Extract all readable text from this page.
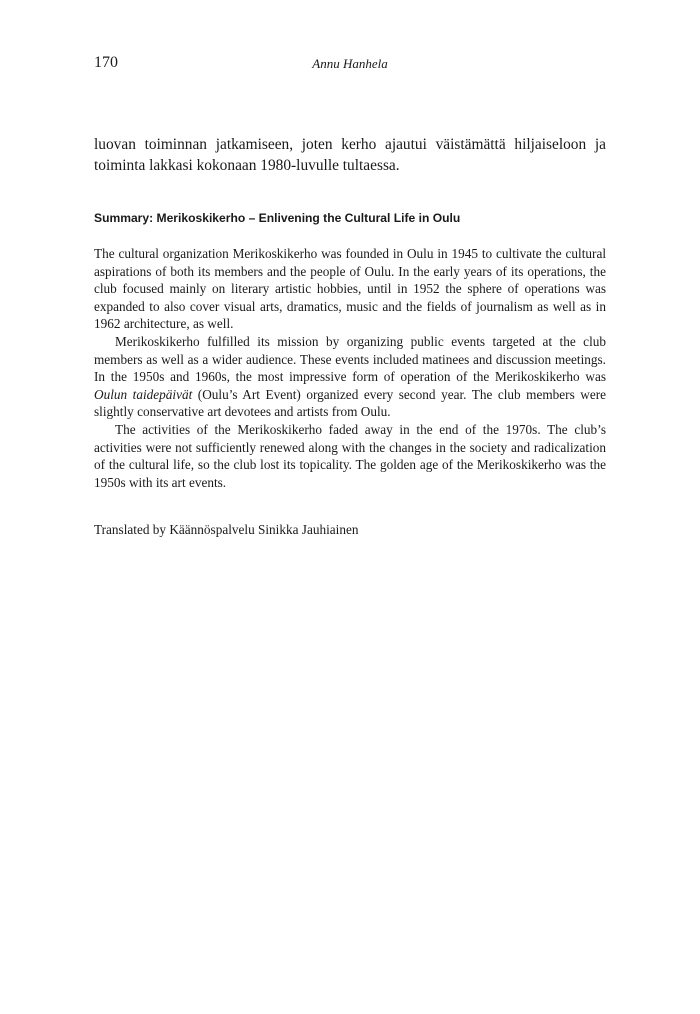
170	Annu Hanhela
luovan toiminnan jatkamiseen, joten kerho ajautui väistämättä hiljaiseloon ja toiminta lakkasi kokonaan 1980-luvulle tultaessa.
Summary: Merikoskikerho – Enlivening the Cultural Life in Oulu

The cultural organization Merikoskikerho was founded in Oulu in 1945 to cultivate the cultural aspirations of both its members and the people of Oulu. In the early years of its operations, the club focused mainly on literary artistic hobbies, until in 1952 the sphere of operations was expanded to also cover visual arts, dramatics, music and the fields of journalism as well as in 1962 architecture, as well.

Merikoskikerho fulfilled its mission by organizing public events targeted at the club members as well as a wider audience. These events included matinees and discussion meetings. In the 1950s and 1960s, the most impressive form of operation of the Merikoskikerho was Oulun taidepäivät (Oulu’s Art Event) organized every second year. The club members were slightly conservative art devotees and artists from Oulu.

The activities of the Merikoskikerho faded away in the end of the 1970s. The club’s activities were not sufficiently renewed along with the changes in the society and radicalization of the cultural life, so the club lost its topicality. The golden age of the Merikoskikerho was the 1950s with its art events.

Translated by Käännöspalvelu Sinikka Jauhiainen
